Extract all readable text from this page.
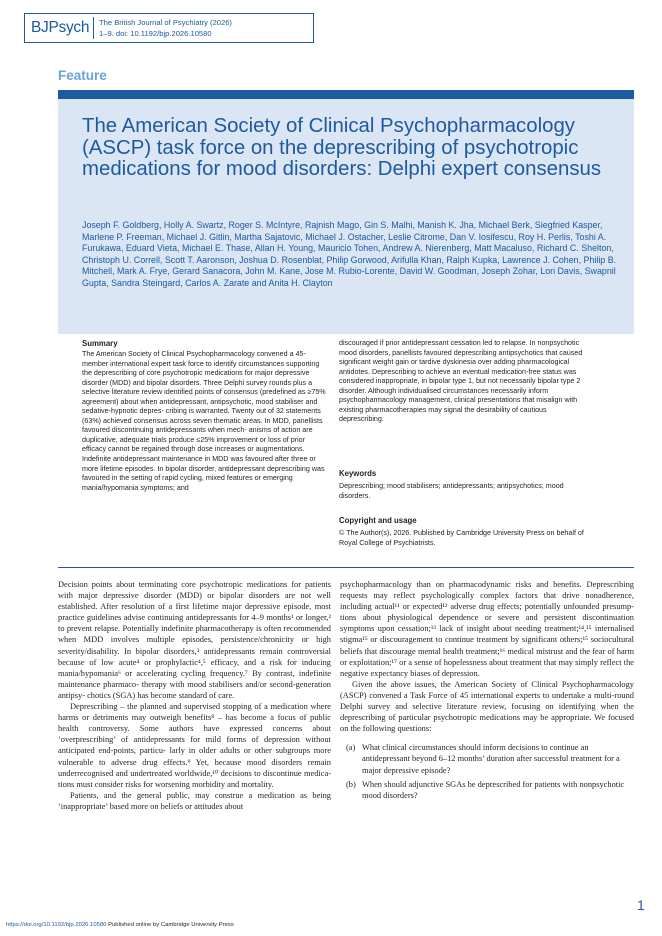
BJPsych The British Journal of Psychiatry (2026)
1–9. doi: 10.1192/bjp.2026.10580
Feature
The American Society of Clinical Psychopharmacology (ASCP) task force on the deprescribing of psychotropic medications for mood disorders: Delphi expert consensus

Joseph F. Goldberg, Holly A. Swartz, Roger S. McIntyre, Rajnish Mago, Gin S. Malhi, Manish K. Jha, Michael Berk, Siegfried Kasper, Marlene P. Freeman, Michael J. Gitlin, Martha Sajatovic, Michael J. Ostacher, Leslie Citrome, Dan V. Iosifescu, Roy H. Perlis, Toshi A. Furukawa, Eduard Vieta, Michael E. Thase, Allan H. Young, Mauricio Tohen, Andrew A. Nierenberg, Matt Macaluso, Richard C. Shelton, Christoph U. Correll, Scott T. Aaronson, Joshua D. Rosenblat, Philip Gorwood, Arifulla Khan, Ralph Kupka, Lawrence J. Cohen, Philip B. Mitchell, Mark A. Frye, Gerard Sanacora, John M. Kane, Jose M. Rubio-Lorente, David W. Goodman, Joseph Zohar, Lori Davis, Swapnil Gupta, Sandra Steingard, Carlos A. Zarate and Anita H. Clayton

Summary

The American Society of Clinical Psychopharmacology convened a 45-member international expert task force to identify circumstances supporting the deprescribing of core psychotropic medications for major depressive disorder (MDD) and bipolar disorders. Three Delphi survey rounds plus a selective literature review identified points of consensus (predefined as ≥75% agreement) about when antidepressant, antipsychotic, mood stabiliser and sedative-hypnotic depres- cribing is warranted. Twenty out of 32 statements (63%) achieved consensus across seven thematic areas. In MDD, panellists favoured discontinuing antidepressants when mech- anisms of action are duplicative, adequate trials produce ≤25% improvement or loss of prior efficacy cannot be regained through dose increases or augmentations. Indefinite antidepressant maintenance in MDD was favoured after three or more lifetime episodes. In bipolar disorder, antidepressant deprescribing was favoured in the setting of rapid cycling, mixed features or emerging mania/hypomania symptoms; and

discouraged if prior antidepressant cessation led to relapse. In nonpsychotic mood disorders, panellists favoured deprescribing antipsychotics that caused significant weight gain or tardive dyskinesia over adding pharmacological antidotes. Deprescribing to achieve an eventual medication-free status was considered inappropriate, in bipolar type 1, but not necessarily bipolar type 2 disorder. Although individualised circumstances necessarily inform psychopharmacology management, clinical presentations that misalign with existing pharmacotherapies may signal the desirability of cautious deprescribing.

Keywords

Deprescribing; mood stabilisers; antidepressants; antipsychotics; mood disorders.

Copyright and usage

© The Author(s), 2026. Published by Cambridge University Press on behalf of Royal College of Psychiatrists.

Decision points about terminating core psychotropic medications for patients with major depressive disorder (MDD) or bipolar disorders are not well established. After resolution of a first lifetime major depressive episode, most practice guidelines advise continuing antidepressants for 4–9 months¹ or longer,² to prevent relapse. Potentially indefinite pharmacotherapy is often recommended when MDD involves multiple episodes, persistence/chronicity or high severity/disability. In bipolar disorders,³ antidepressants remain controversial because of low acute⁴ or prophylactic⁴,⁵ efficacy, and a risk for inducing mania/hypomania⁶ or accelerating cycling frequency.⁷ By contrast, indefinite maintenance pharmaco- therapy with mood stabilisers and/or second-generation antipsy- chotics (SGA) has become standard of care.

Deprescribing – the planned and supervised stopping of a medication where harms or detriments may outweigh benefits⁸ – has become a focus of public health controversy. Some authors have expressed concerns about ‘overprescribing’ of antidepressants for mild forms of depression without anticipated end-points, particu- larly in older adults or other subgroups more vulnerable to adverse drug effects.⁹ Yet, because mood disorders remain underrecognised and undertreated worldwide,¹⁰ decisions to discontinue medica- tions must consider risks for worsening morbidity and mortality.

Patients, and the general public, may construe a medication as being ‘inappropriate’ based more on beliefs or attitudes about

psychopharmacology than on pharmacodynamic risks and benefits. Deprescribing requests may reflect psychologically complex factors that drive nonadherence, including actual¹¹ or expected¹² adverse drug effects; potentially unfounded presump- tions about physiological dependence or severe and persistent discontinuation symptoms upon cessation;¹³ lack of insight about needing treatment;¹⁴,¹⁵ internalised stigma¹⁵ or discouragement to continue treatment by significant others;¹⁵ sociocultural beliefs that discourage mental health treatment;¹⁶ medical mistrust and the fear of harm or exploitation;¹⁷ or a sense of hopelessness about treatment that may simply reflect the negative expectancy biases of depression.

Given the above issues, the American Society of Clinical Psychopharmacology (ASCP) convened a Task Force of 45 international experts to undertake a multi-round Delphi survey and selective literature review, focusing on identifying when the deprescribing of particular psychotropic medications may be appropriate. We focused on the following questions:

(a) What clinical circumstances should inform decisions to continue an antidepressant beyond 6–12 months’ duration after successful treatment for a major depressive episode?
(b) When should adjunctive SGAs be deprescribed for patients with nonpsychotic mood disorders?
https://doi.org/10.1192/bjp.2026.10580 Published online by Cambridge University Press
1
